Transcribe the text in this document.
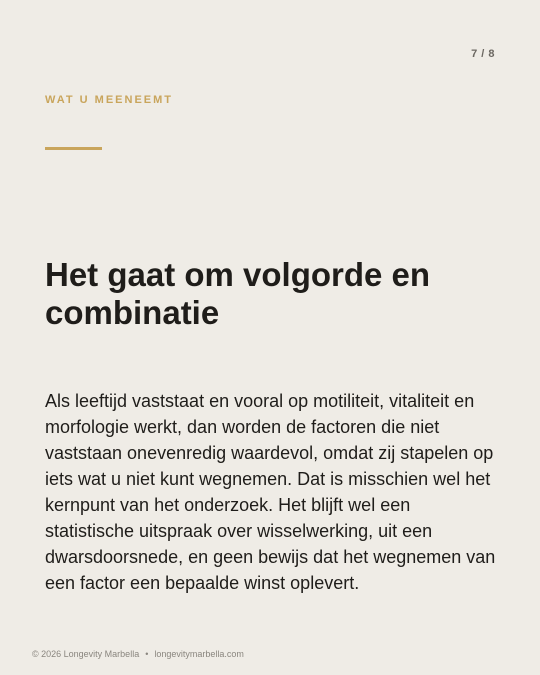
7 / 8
WAT U MEENEEMT
Het gaat om volgorde en combinatie

Als leeftijd vaststaat en vooral op motiliteit, vitaliteit en morfologie werkt, dan worden de factoren die niet vaststaan onevenredig waardevol, omdat zij stapelen op iets wat u niet kunt wegnemen. Dat is misschien wel het kernpunt van het onderzoek. Het blijft wel een statistische uitspraak over wisselwerking, uit een dwarsdoorsnede, en geen bewijs dat het wegnemen van een factor een bepaalde winst oplevert.

© 2026 Longevity Marbella • longevitymarbella.com
